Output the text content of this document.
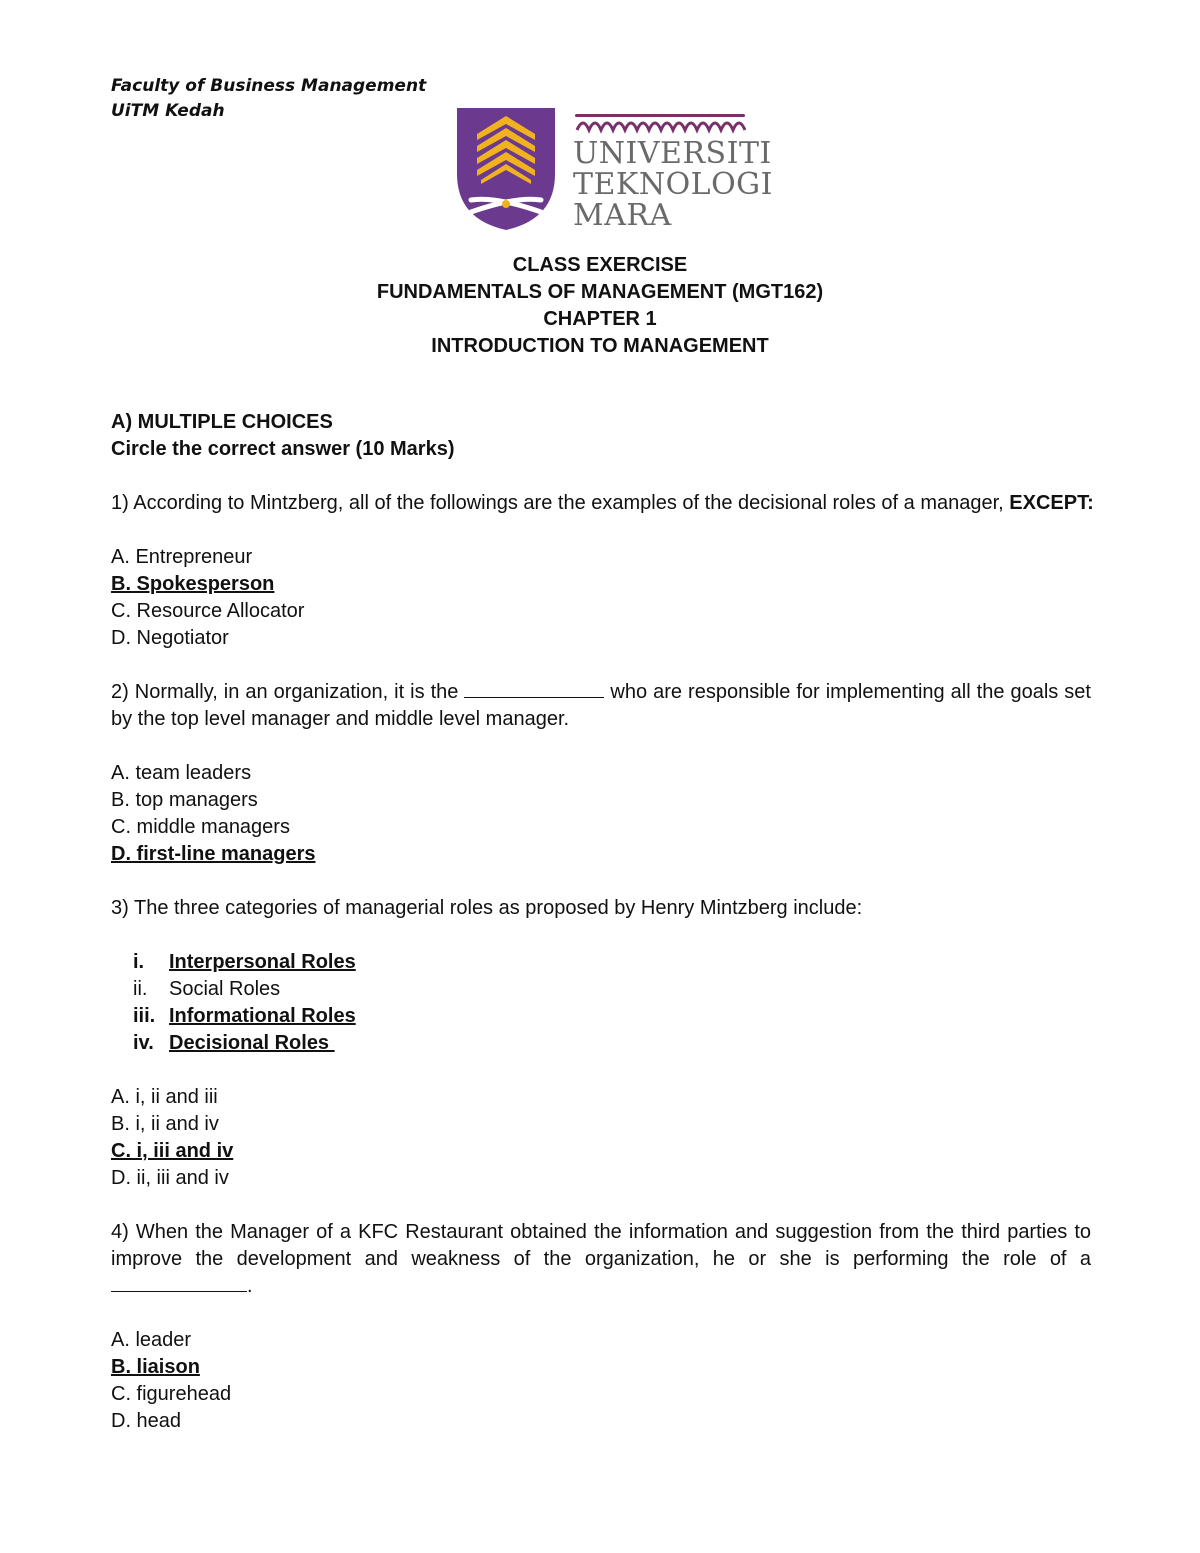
Faculty of Business Management
UiTM Kedah
UNIVERSITI
TEKNOLOGI
MARA
CLASS EXERCISE
FUNDAMENTALS OF MANAGEMENT (MGT162)
CHAPTER 1
INTRODUCTION TO MANAGEMENT
A) MULTIPLE CHOICES
Circle the correct answer (10 Marks)
1) According to Mintzberg, all of the followings are the examples of the decisional roles of a manager, EXCEPT:
A. Entrepreneur
B. Spokesperson
C. Resource Allocator
D. Negotiator
2) Normally, in an organization, it is the	who are responsible for implementing all the goals set by the top level manager and middle level manager.
A. team leaders
B. top managers
C. middle managers
D. first-line managers
3) The three categories of managerial roles as proposed by Henry Mintzberg include:
i.	Interpersonal Roles
ii.	Social Roles
iii. Informational Roles
iv. Decisional Roles
A. i, ii and iii
B. i, ii and iv
C. i, iii and iv
D. ii, iii and iv
4) When the Manager of a KFC Restaurant obtained the information and suggestion from the third parties to improve the development and weakness of the organization, he or she is performing the role of a .
A. leader
B. liaison
C. figurehead
D. head
